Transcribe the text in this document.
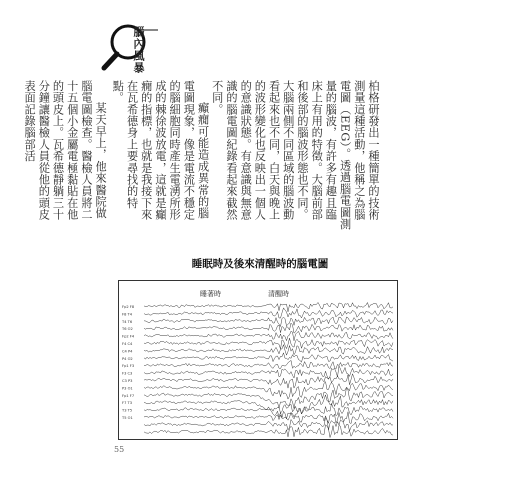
腦內風暴

柏格研發出一種簡單的技術測量這種活動，他稱之為腦電圖（EEG）。透過腦電圖測量的腦波，有許多有趣且臨床上有用的特徵。大腦前部和後部的腦波形態也不同。大腦兩側不同區域的腦波動看起來也不同，白天與晚上的波形變化也反映出一個人的意識狀態。有意識與無意識的腦電圖紀錄看起來截然不同。

癲癇可能造成異常的腦電圖現象，像是電流不穩定的腦細胞同時產生電湧所形成的棘徐波放電，這就是癲癇的指標，也就是我接下來在瓦希德身上要尋找的特點。

某天早上，他來醫院做腦電圖檢查。醫檢人員將二十五個小金屬電極黏貼在他的頭皮上。瓦希德靜躺三十分鐘讓醫檢人員從他的頭皮表面記錄腦部活

睡眠時及後來清醒時的腦電圖
睡著時	清醒時
Fp2 F8
F8 T4
T4 T6
T6 O2
Fp2 F4
F4 C4
C4 P4
P4 O2
Fp1 F3
F3 C3
C3 P3
P3 O1
Fp1 F7
F7 T3
T3 T5
T5 O1
55
